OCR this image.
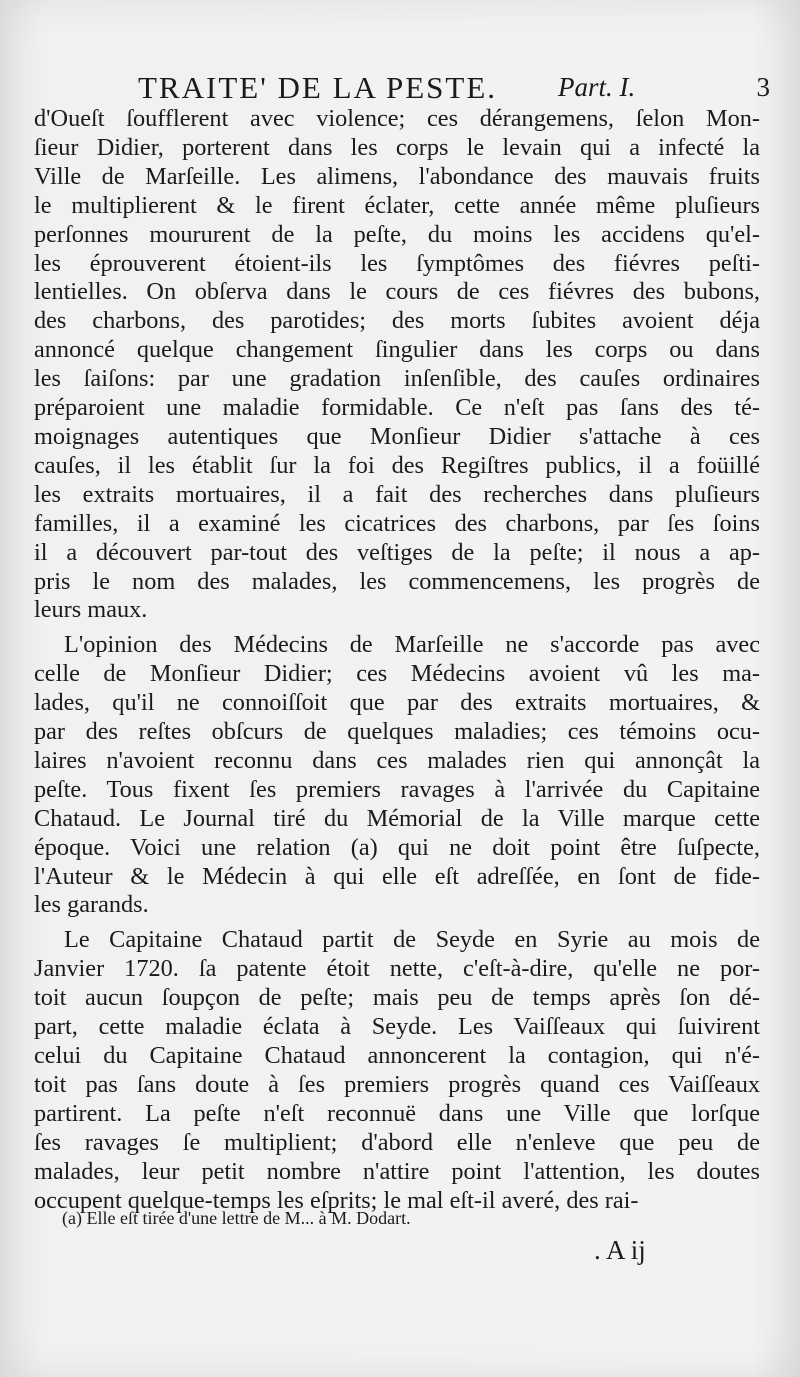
TRAITE' DE LA PESTE. Part. I.	3
d'Oueſt ſoufflerent avec violence; ces dérangemens, ſelon Mon-
ſieur Didier, porterent dans les corps le levain qui a infecté la
Ville de Marſeille. Les alimens, l'abondance des mauvais fruits
le multiplierent & le firent éclater, cette année même pluſieurs
perſonnes moururent de la peſte, du moins les accidens qu'el-
les éprouverent étoient-ils les ſymptômes des fiévres peſti-
lentielles. On obſerva dans le cours de ces fiévres des bubons,
des charbons, des parotides; des morts ſubites avoient déja
annoncé quelque changement ſingulier dans les corps ou dans
les ſaiſons: par une gradation inſenſible, des cauſes ordinaires
préparoient une maladie formidable. Ce n'eſt pas ſans des té-
moignages autentiques que Monſieur Didier s'attache à ces
cauſes, il les établit ſur la foi des Regiſtres publics, il a foüillé
les extraits mortuaires, il a fait des recherches dans pluſieurs
familles, il a examiné les cicatrices des charbons, par ſes ſoins
il a découvert par-tout des veſtiges de la peſte; il nous a ap-
pris le nom des malades, les commencemens, les progrès de
leurs maux.
L'opinion des Médecins de Marſeille ne s'accorde pas avec
celle de Monſieur Didier; ces Médecins avoient vû les ma-
lades, qu'il ne connoiſſoit que par des extraits mortuaires, &
par des reſtes obſcurs de quelques maladies; ces témoins ocu-
laires n'avoient reconnu dans ces malades rien qui annonçât la
peſte. Tous fixent ſes premiers ravages à l'arrivée du Capitaine
Chataud. Le Journal tiré du Mémorial de la Ville marque cette
époque. Voici une relation (a) qui ne doit point être ſuſpecte,
l'Auteur & le Médecin à qui elle eſt adreſſée, en ſont de fide-
les garands.
Le Capitaine Chataud partit de Seyde en Syrie au mois de
Janvier 1720. ſa patente étoit nette, c'eſt-à-dire, qu'elle ne por-
toit aucun ſoupçon de peſte; mais peu de temps après ſon dé-
part, cette maladie éclata à Seyde. Les Vaiſſeaux qui ſuivirent
celui du Capitaine Chataud annoncerent la contagion, qui n'é-
toit pas ſans doute à ſes premiers progrès quand ces Vaiſſeaux
partirent. La peſte n'eſt reconnuë dans une Ville que lorſque
ſes ravages ſe multiplient; d'abord elle n'enleve que peu de
malades, leur petit nombre n'attire point l'attention, les doutes
occupent quelque-temps les eſprits; le mal eſt-il averé, des rai-
(a) Elle eſt tirée d'une lettre de M... à M. Dodart.
. A ij
